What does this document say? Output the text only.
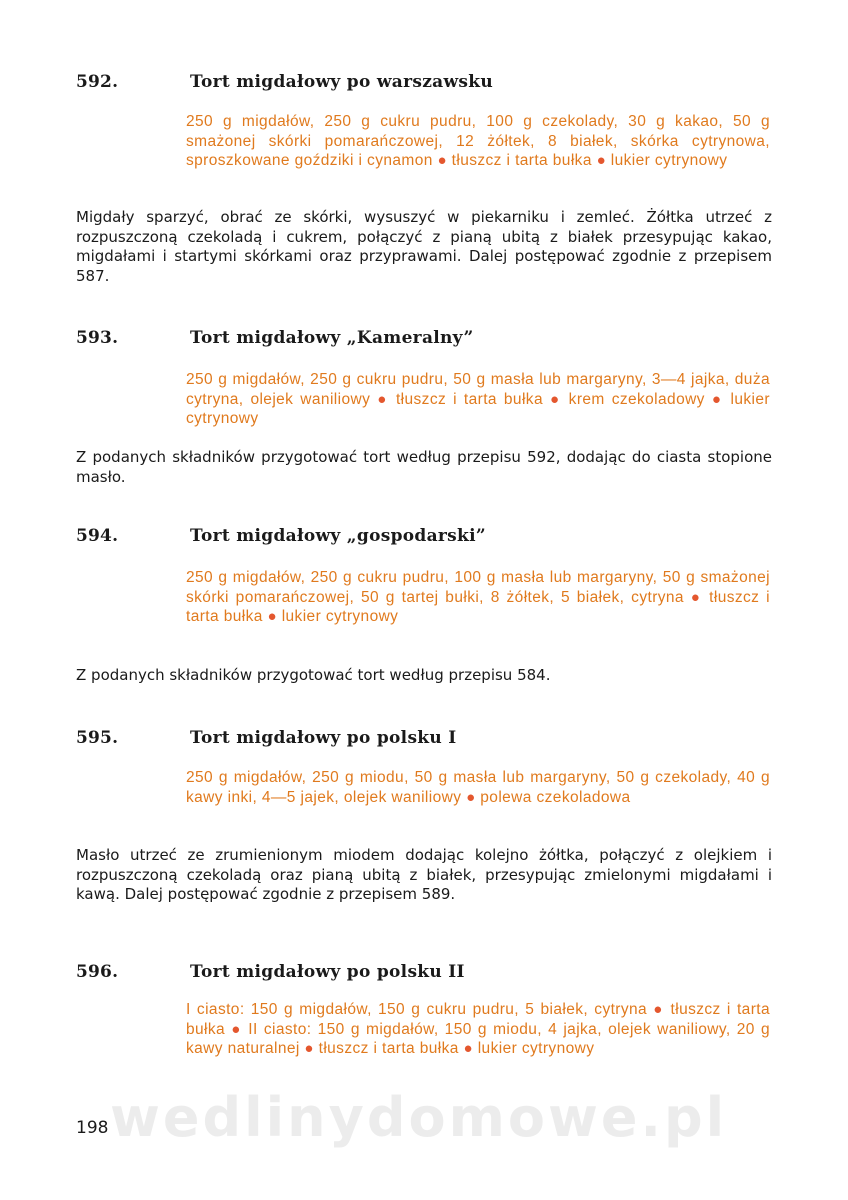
592.	Tort migdałowy po warszawsku
250 g migdałów, 250 g cukru pudru, 100 g czekolady, 30 g kakao, 50 g smażonej skórki pomarańczowej, 12 żółtek, 8 białek, skórka cytrynowa, sproszkowane goździki i cynamon ● tłuszcz i tarta bułka ● lukier cytrynowy
Migdały sparzyć, obrać ze skórki, wysuszyć w piekarniku i zemleć. Żółtka utrzeć z rozpuszczoną czekoladą i cukrem, połączyć z pianą ubitą z białek przesypując kakao, migdałami i startymi skórkami oraz przyprawami. Dalej postępować zgodnie z przepisem 587.
593.	Tort migdałowy „Kameralny”
250 g migdałów, 250 g cukru pudru, 50 g masła lub margaryny, 3—4 jajka, duża cytryna, olejek waniliowy ● tłuszcz i tarta bułka ● krem czekoladowy ● lukier cytrynowy
Z podanych składników przygotować tort według przepisu 592, dodając do ciasta stopione masło.
594.	Tort migdałowy „gospodarski”
250 g migdałów, 250 g cukru pudru, 100 g masła lub margaryny, 50 g smażonej skórki pomarańczowej, 50 g tartej bułki, 8 żółtek, 5 białek, cytryna ● tłuszcz i tarta bułka ● lukier cytrynowy
Z podanych składników przygotować tort według przepisu 584.
595.	Tort migdałowy po polsku I
250 g migdałów, 250 g miodu, 50 g masła lub margaryny, 50 g czekolady, 40 g kawy inki, 4—5 jajek, olejek waniliowy ● polewa czekoladowa
Masło utrzeć ze zrumienionym miodem dodając kolejno żółtka, połączyć z olejkiem i rozpuszczoną czekoladą oraz pianą ubitą z białek, przesypując zmielonymi migdałami i kawą. Dalej postępować zgodnie z przepisem 589.
596.	Tort migdałowy po polsku II
I ciasto: 150 g migdałów, 150 g cukru pudru, 5 białek, cytryna ● tłuszcz i tarta bułka ● II ciasto: 150 g migdałów, 150 g miodu, 4 jajka, olejek waniliowy, 20 g kawy naturalnej ● tłuszcz i tarta bułka ● lukier cytrynowy
wedlinydomowe.pl
198
